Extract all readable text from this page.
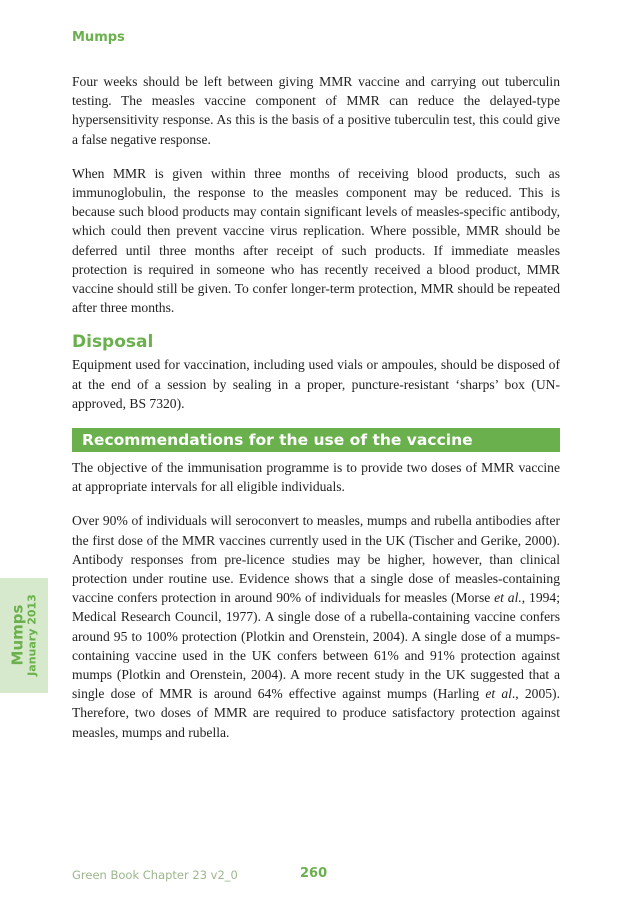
Mumps

Four weeks should be left between giving MMR vaccine and carrying out tuberculin testing. The measles vaccine component of MMR can reduce the delayed-type hypersensitivity response. As this is the basis of a positive tuberculin test, this could give a false negative response.

When MMR is given within three months of receiving blood products, such as immunoglobulin, the response to the measles component may be reduced. This is because such blood products may contain significant levels of measles-specific antibody, which could then prevent vaccine virus replication. Where possible, MMR should be deferred until three months after receipt of such products. If immediate measles protection is required in someone who has recently received a blood product, MMR vaccine should still be given. To confer longer-term protection, MMR should be repeated after three months.

Disposal

Equipment used for vaccination, including used vials or ampoules, should be disposed of at the end of a session by sealing in a proper, puncture-resistant ‘sharps’ box (UN-approved, BS 7320).

Recommendations for the use of the vaccine

The objective of the immunisation programme is to provide two doses of MMR vaccine at appropriate intervals for all eligible individuals.

Over 90% of individuals will seroconvert to measles, mumps and rubella antibodies after the first dose of the MMR vaccines currently used in the UK (Tischer and Gerike, 2000). Antibody responses from pre-licence studies may be higher, however, than clinical protection under routine use. Evidence shows that a single dose of measles-containing vaccine confers protection in around 90% of individuals for measles (Morse et al., 1994; Medical Research Council, 1977). A single dose of a rubella-containing vaccine confers around 95 to 100% protection (Plotkin and Orenstein, 2004). A single dose of a mumps-containing vaccine used in the UK confers between 61% and 91% protection against mumps (Plotkin and Orenstein, 2004). A more recent study in the UK suggested that a single dose of MMR is around 64% effective against mumps (Harling et al., 2005). Therefore, two doses of MMR are required to produce satisfactory protection against measles, mumps and rubella.

Mumps
January 2013
Green Book Chapter 23 v2_0	260
